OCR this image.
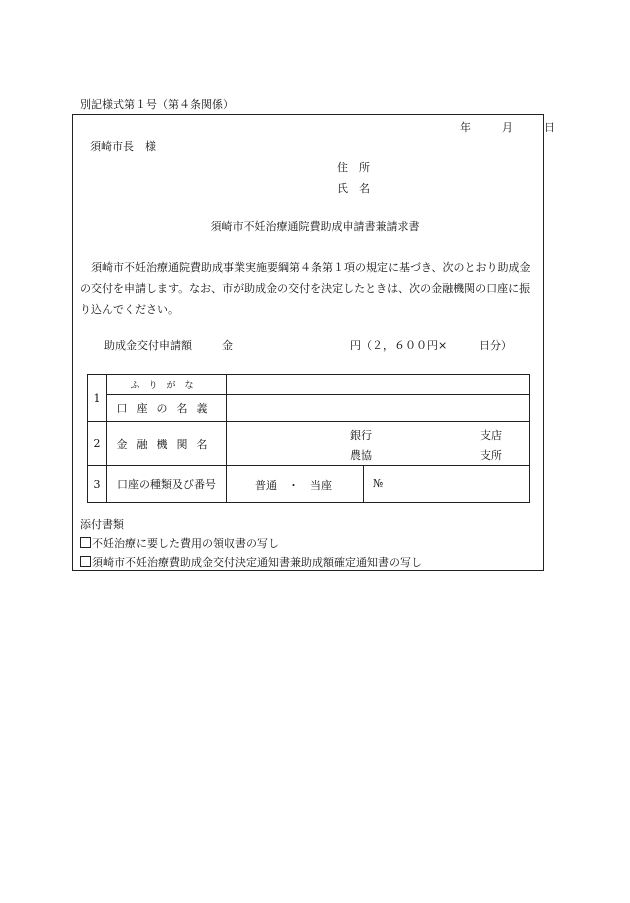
別記様式第１号（第４条関係）
年	月	日
須崎市長　様
住　所
氏　名
須崎市不妊治療通院費助成申請書兼請求書
須崎市不妊治療通院費助成事業実施要綱第４条第１項の規定に基づき、次のとおり助成金の交付を申請します。なお、市が助成金の交付を決定したときは、次の金融機関の口座に振り込んでください。
助成金交付申請額	金	円（２，６００円×	日分）
1	ふりがな	
	口座の名義	
2	金融機関名	銀行 支店
農協 支所

3	口座の種類及び番号	普通　・　当座 №
添付書類
不妊治療に要した費用の領収書の写し
須崎市不妊治療費助成金交付決定通知書兼助成額確定通知書の写し
